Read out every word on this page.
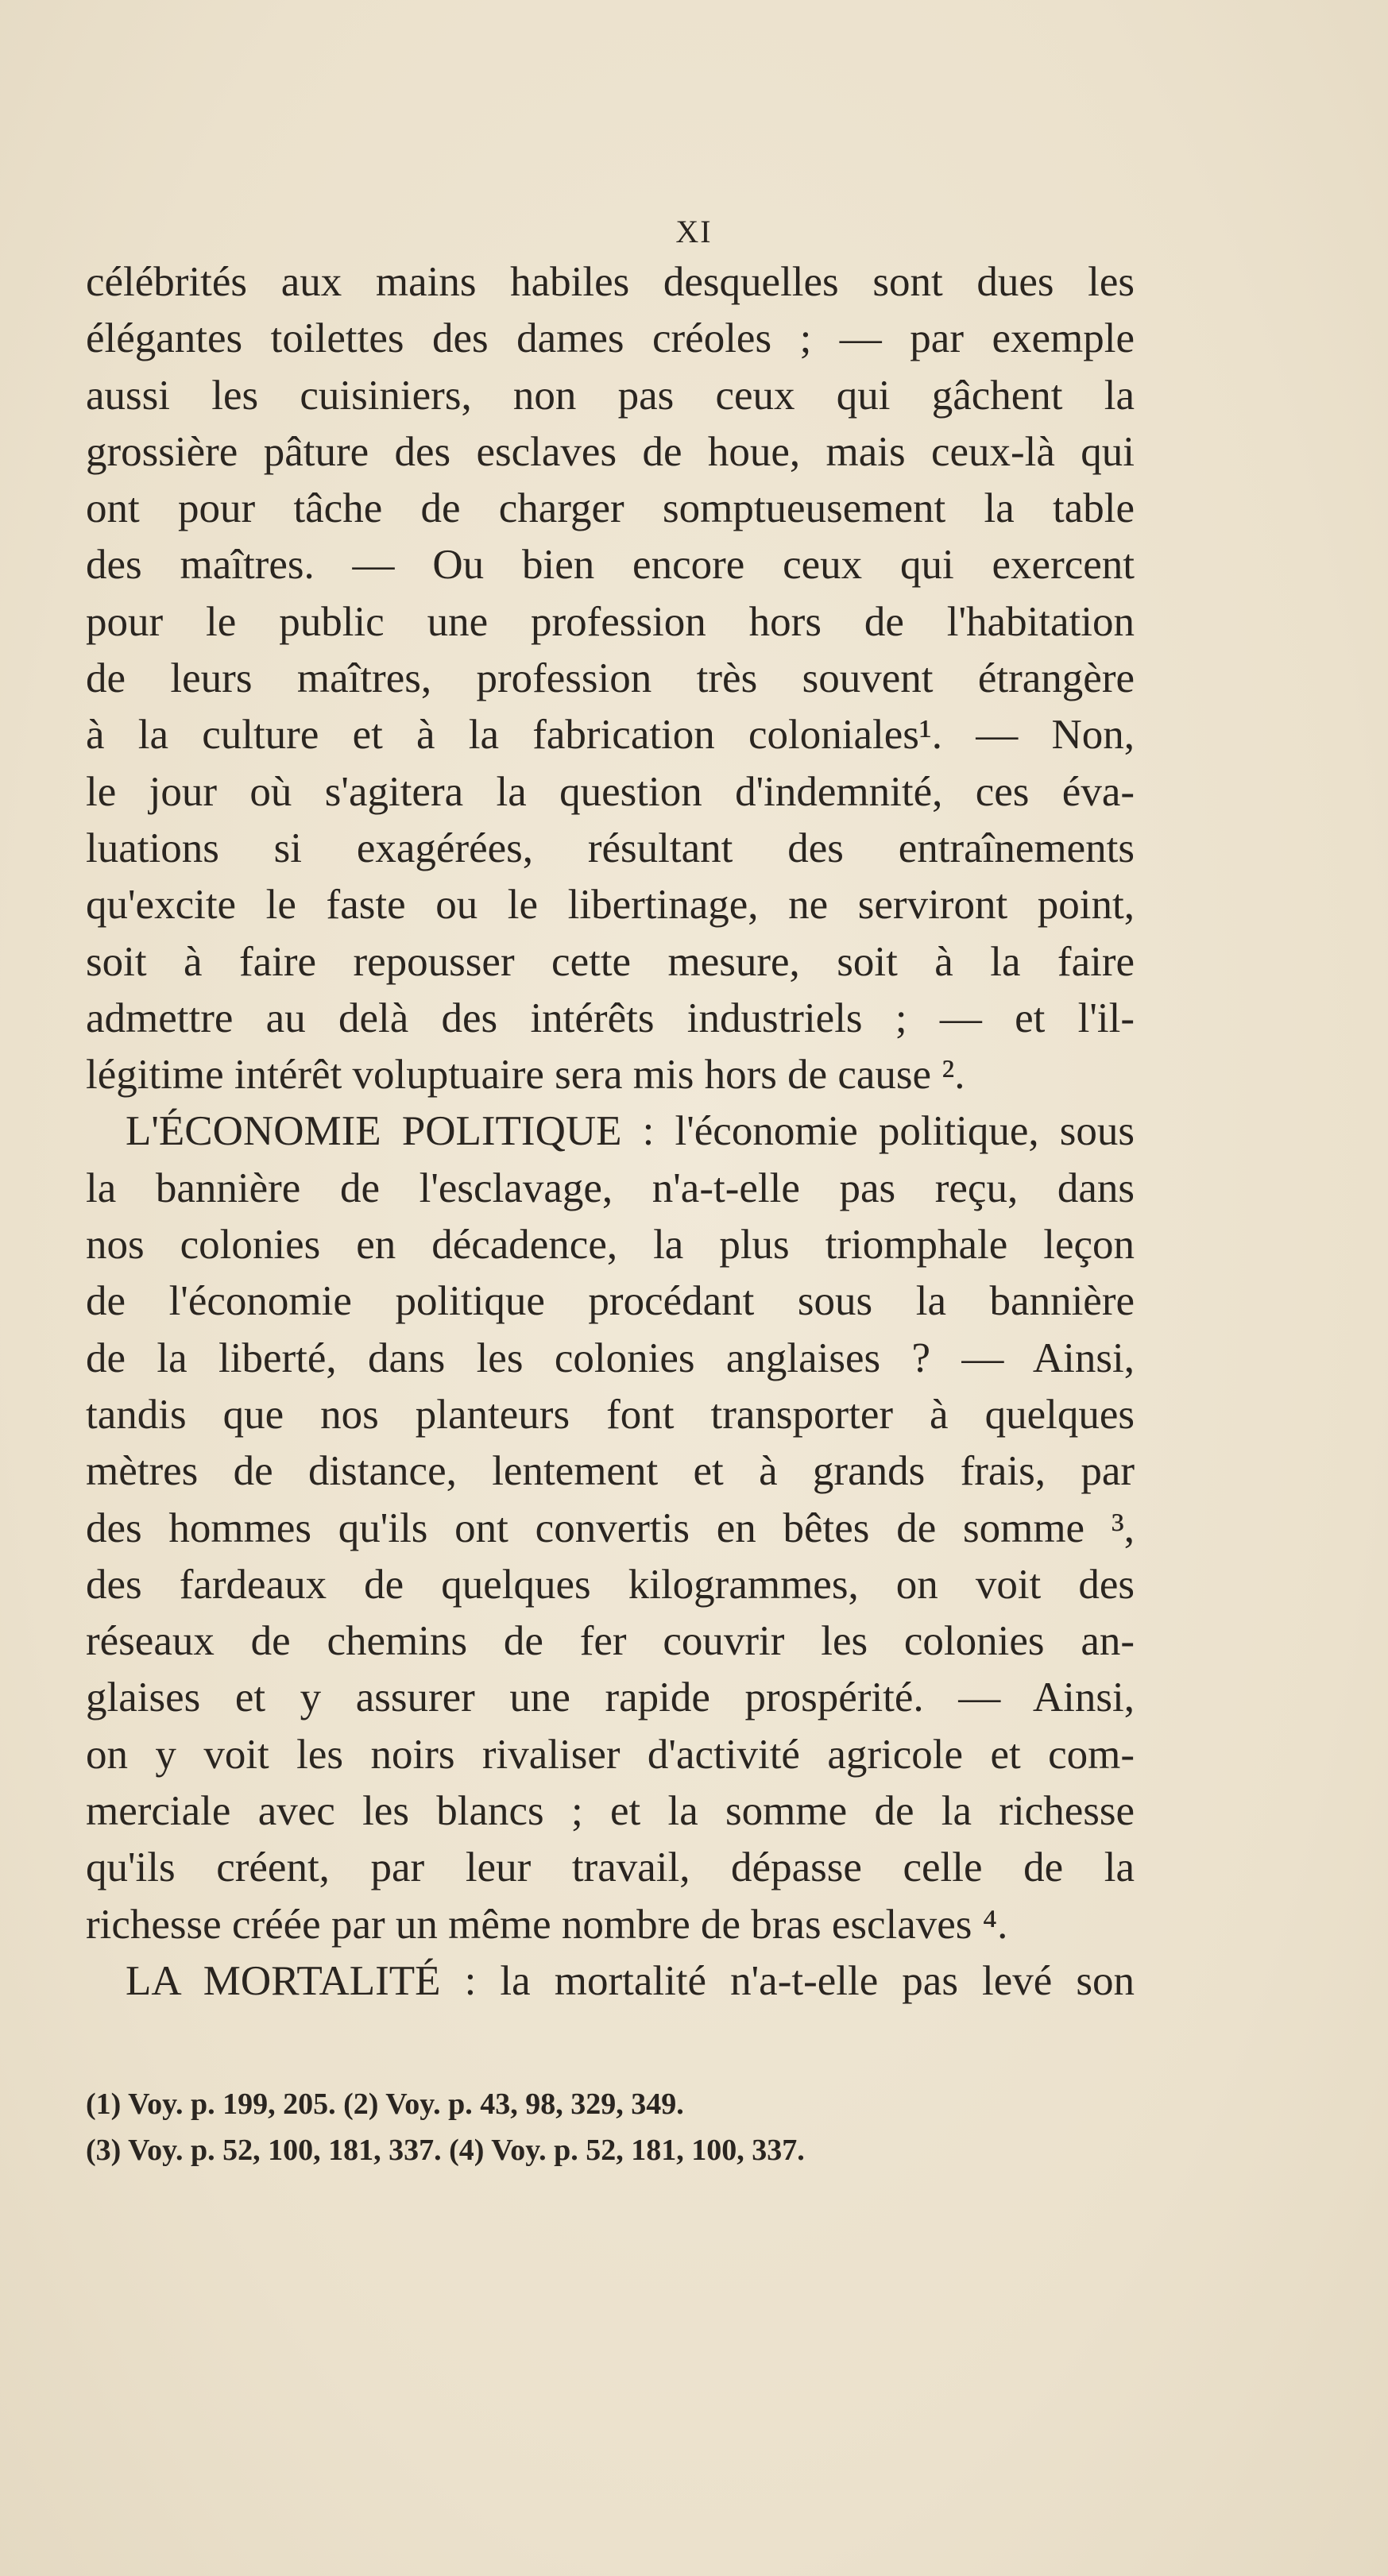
XI
célébrités aux mains habiles desquelles sont dues les
élégantes toilettes des dames créoles ; — par exemple
aussi les cuisiniers, non pas ceux qui gâchent la
grossière pâture des esclaves de houe, mais ceux-là qui
ont pour tâche de charger somptueusement la table
des maîtres. — Ou bien encore ceux qui exercent
pour le public une profession hors de l'habitation
de leurs maîtres, profession très souvent étrangère
à la culture et à la fabrication coloniales¹. — Non,
le jour où s'agitera la question d'indemnité, ces éva-
luations si exagérées, résultant des entraînements
qu'excite le faste ou le libertinage, ne serviront point,
soit à faire repousser cette mesure, soit à la faire
admettre au delà des intérêts industriels ; — et l'il-
légitime intérêt voluptuaire sera mis hors de cause ².
L'ÉCONOMIE POLITIQUE : l'économie politique, sous
la bannière de l'esclavage, n'a-t-elle pas reçu, dans
nos colonies en décadence, la plus triomphale leçon
de l'économie politique procédant sous la bannière
de la liberté, dans les colonies anglaises ? — Ainsi,
tandis que nos planteurs font transporter à quelques
mètres de distance, lentement et à grands frais, par
des hommes qu'ils ont convertis en bêtes de somme ³,
des fardeaux de quelques kilogrammes, on voit des
réseaux de chemins de fer couvrir les colonies an-
glaises et y assurer une rapide prospérité. — Ainsi,
on y voit les noirs rivaliser d'activité agricole et com-
merciale avec les blancs ; et la somme de la richesse
qu'ils créent, par leur travail, dépasse celle de la
richesse créée par un même nombre de bras esclaves ⁴.
LA MORTALITÉ : la mortalité n'a-t-elle pas levé son
(1) Voy. p. 199, 205. (2) Voy. p. 43, 98, 329, 349.
(3) Voy. p. 52, 100, 181, 337. (4) Voy. p. 52, 181, 100, 337.
